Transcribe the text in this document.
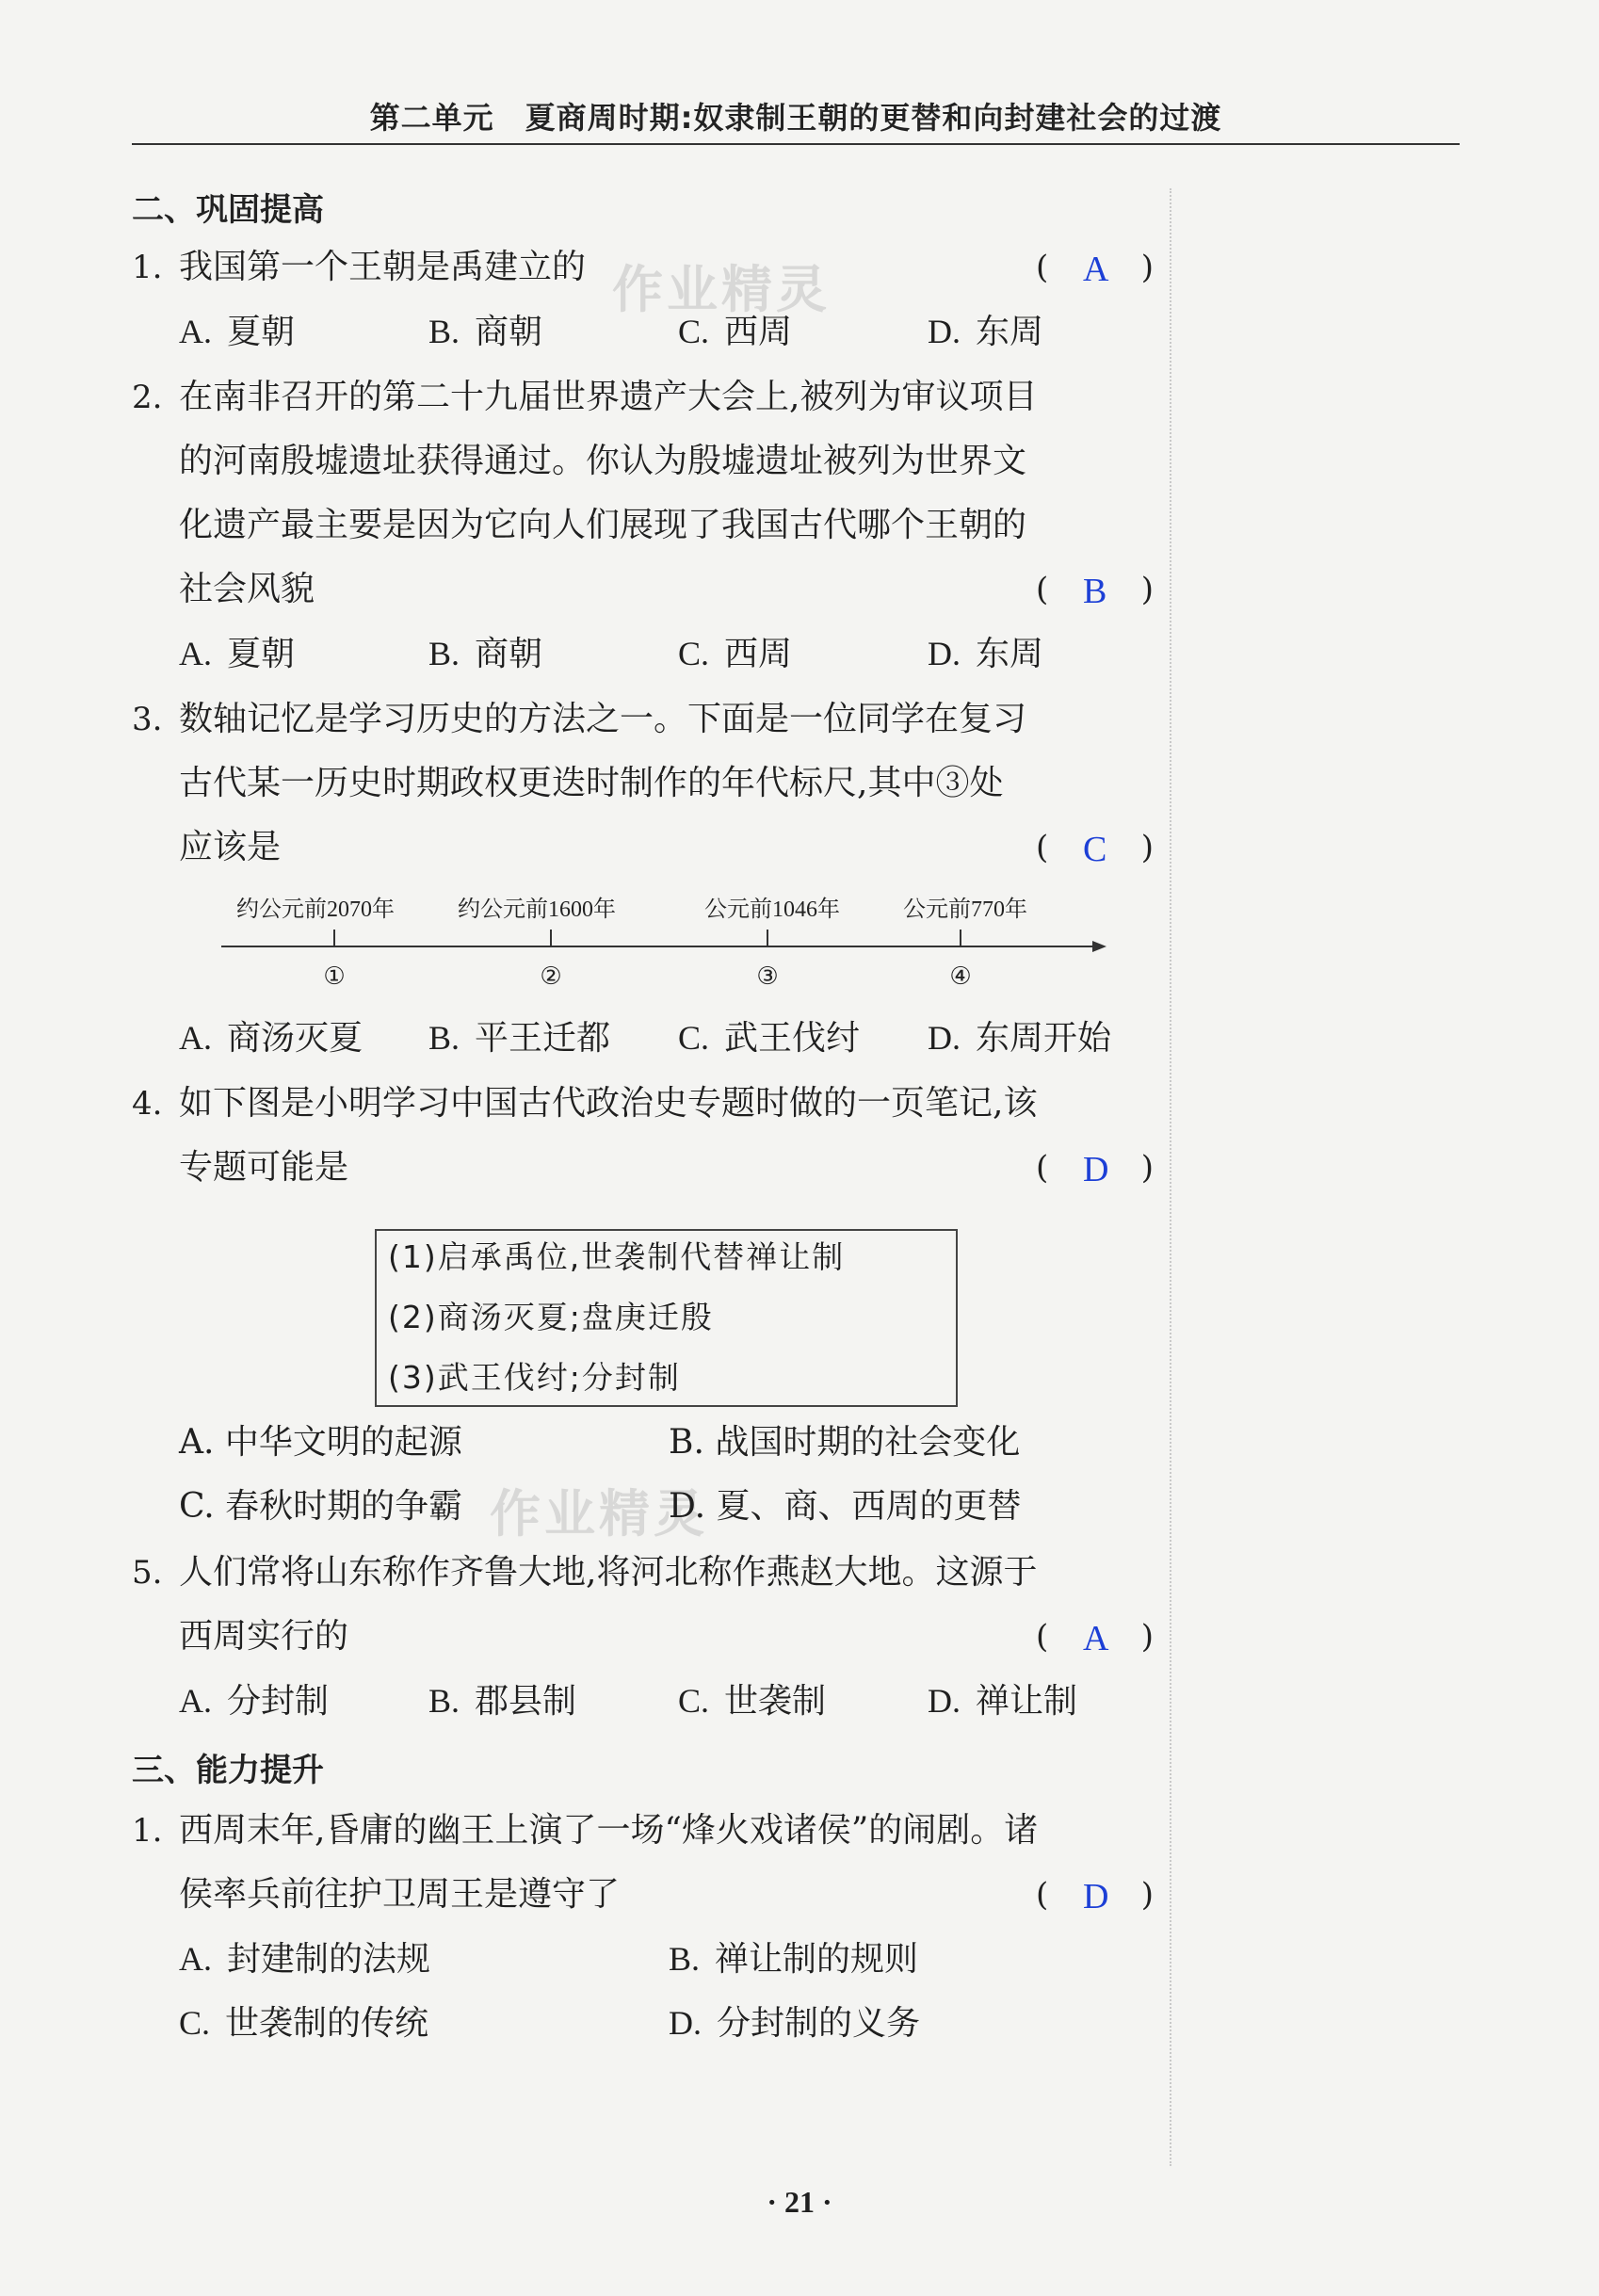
第二单元　夏商周时期:奴隶制王朝的更替和向封建社会的过渡
作业精灵
作业精灵
二、巩固提高
1. 我国第一个王朝是禹建立的	( A )
A. 夏朝	B. 商朝	C. 西周	D. 东周
2. 在南非召开的第二十九届世界遗产大会上,被列为审议项目
的河南殷墟遗址获得通过。你认为殷墟遗址被列为世界文
化遗产最主要是因为它向人们展现了我国古代哪个王朝的
社会风貌	( B )
A. 夏朝	B. 商朝	C. 西周	D. 东周
3. 数轴记忆是学习历史的方法之一。下面是一位同学在复习
古代某一历史时期政权更迭时制作的年代标尺,其中③处
应该是	( C )
约公元前2070年	约公元前1600年	公元前1046年	公元前770年
①	②	③	④
A. 商汤灭夏 B. 平王迁都 C. 武王伐纣 D. 东周开始
4. 如下图是小明学习中国古代政治史专题时做的一页笔记,该
专题可能是	( D )
(1)启承禹位,世袭制代替禅让制
(2)商汤灭夏;盘庚迁殷
(3)武王伐纣;分封制
A. 中华文明的起源	B. 战国时期的社会变化
C. 春秋时期的争霸	D. 夏、商、西周的更替
5. 人们常将山东称作齐鲁大地,将河北称作燕赵大地。这源于
西周实行的	( A )
A. 分封制	B. 郡县制	C. 世袭制	D. 禅让制
三、能力提升
1. 西周末年,昏庸的幽王上演了一场“烽火戏诸侯”的闹剧。诸
侯率兵前往护卫周王是遵守了	( D )
A. 封建制的法规	B. 禅让制的规则
C. 世袭制的传统	D. 分封制的义务
· 21 ·
